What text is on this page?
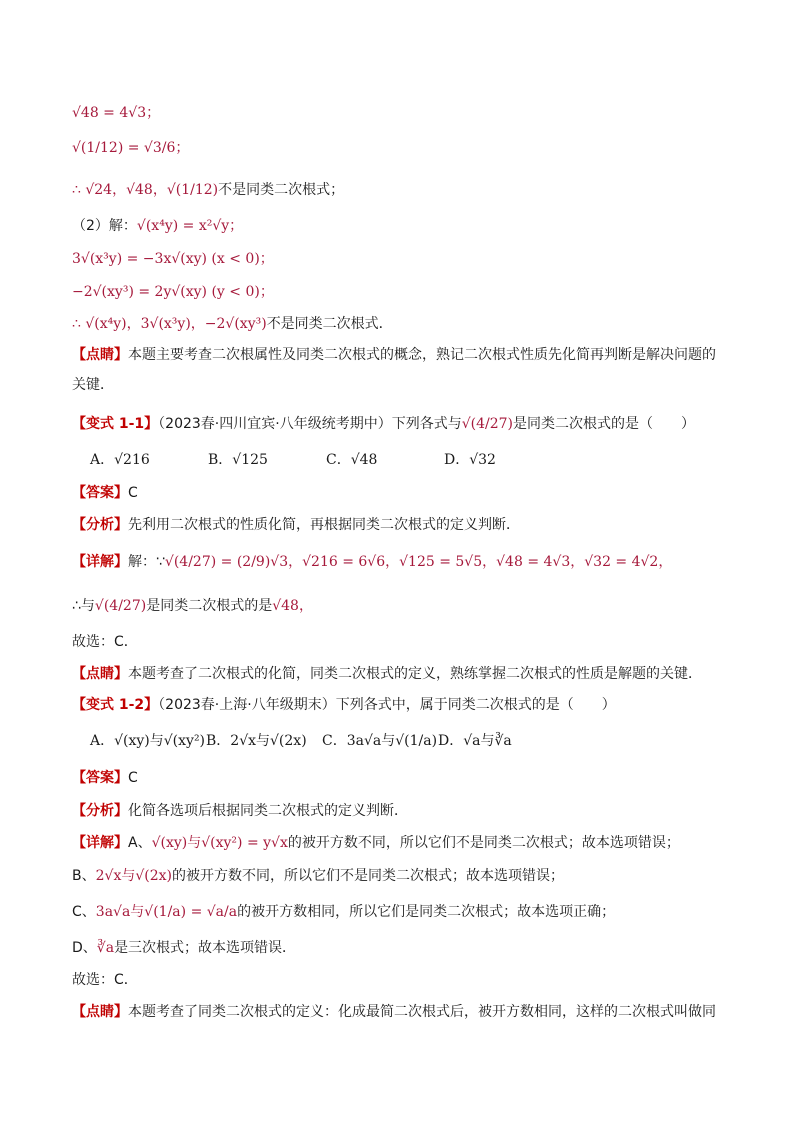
√48 = 4√3；
√(1/12) = √3/6；
∴ √24，√48，√(1/12)不是同类二次根式；
（2）解：√(x⁴y) = x²√y；
3√(x³y) = −3x√(xy) (x < 0)；
−2√(xy³) = 2y√(xy) (y < 0)；
∴ √(x⁴y)，3√(x³y)，−2√(xy³)不是同类二次根式．
【点睛】本题主要考查二次根属性及同类二次根式的概念，熟记二次根式性质先化简再判断是解决问题的关键．
【变式 1-1】（2023春·四川宜宾·八年级统考期中）下列各式与√(4/27)是同类二次根式的是（　　）
A．√216	B．√125	C．√48	D．√32
【答案】C
【分析】先利用二次根式的性质化简，再根据同类二次根式的定义判断．
【详解】解：∵√(4/27) = (2/9)√3，√216 = 6√6，√125 = 5√5，√48 = 4√3，√32 = 4√2，
∴与√(4/27)是同类二次根式的是√48，
故选：C．
【点睛】本题考查了二次根式的化简，同类二次根式的定义，熟练掌握二次根式的性质是解题的关键．
【变式 1-2】（2023春·上海·八年级期末）下列各式中，属于同类二次根式的是（　　）
A．√(xy)与√(xy²)B．2√x与√(2x) C．3a√a与√(1/a)D．√a与∛a
【答案】C
【分析】化简各选项后根据同类二次根式的定义判断．
【详解】A、√(xy)与√(xy²) = y√x的被开方数不同，所以它们不是同类二次根式；故本选项错误；
B、2√x与√(2x)的被开方数不同，所以它们不是同类二次根式；故本选项错误；
C、3a√a与√(1/a) = √a/a的被开方数相同，所以它们是同类二次根式；故本选项正确；
D、∛a是三次根式；故本选项错误．
故选：C．
【点睛】本题考查了同类二次根式的定义：化成最简二次根式后，被开方数相同，这样的二次根式叫做同
